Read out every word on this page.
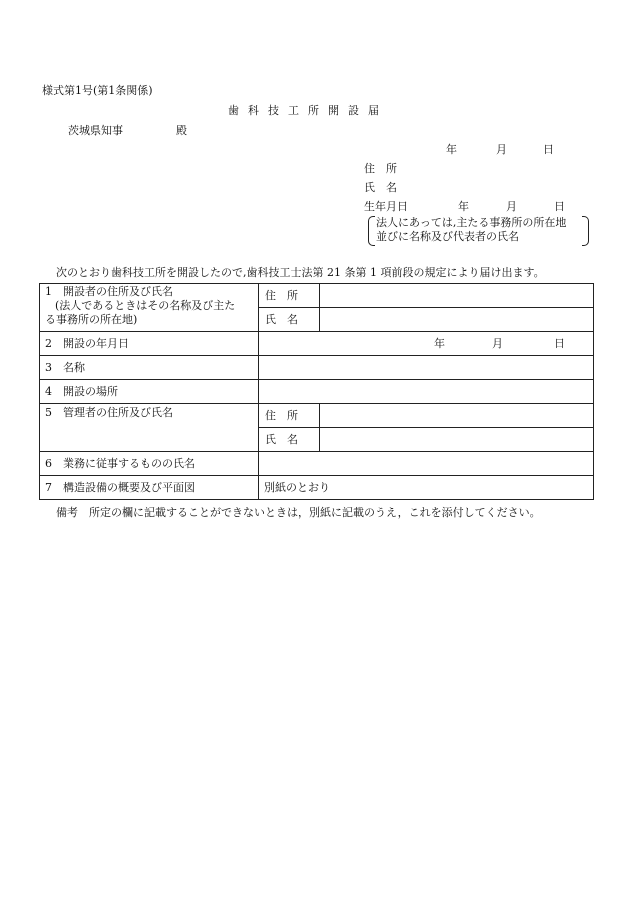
様式第1号(第1条関係)
歯科技工所開設届
茨城県知事	殿
年	月	日
住　所
氏　名
生年月日	年	月	日
法人にあっては,主たる事務所の所在地
並びに名称及び代表者の氏名
次のとおり歯科技工所を開設したので,歯科技工士法第 21 条第 1 項前段の規定により届け出ます。
1 開設者の住所及び氏名
(法人であるときはその名称及び主た
る事務所の所在地)	住　所	
	氏　名	
2 開設の年月日	年 月 日	

3 名称		
4 開設の場所		
5 管理者の住所及び氏名	住　所	
	氏　名	
6 業務に従事するものの氏名		
7 構造設備の概要及び平面図	別紙のとおり	
備考　所定の欄に記載することができないときは，別紙に記載のうえ，これを添付してください。
